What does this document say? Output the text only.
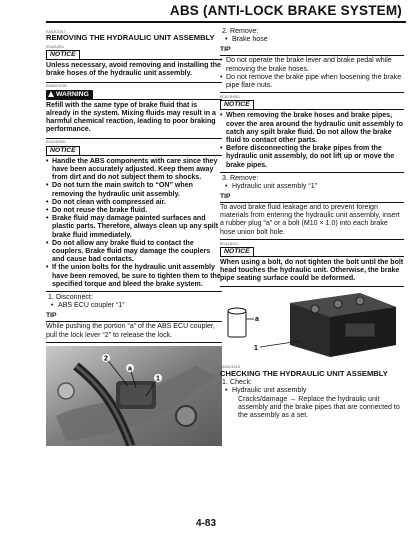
ABS (ANTI-LOCK BRAKE SYSTEM)
EAS3C1017
REMOVING THE HYDRAULIC UNIT ASSEMBLY
ECA2U001
NOTICE
Unless necessary, avoid removing and installing the brake hoses of the hydraulic unit assembly.
EWA3C1030
WARNING
Refill with the same type of brake fluid that is already in the system. Mixing fluids may result in a harmful chemical reaction, leading to poor braking performance.
ECA13H001
NOTICE
• Handle the ABS components with care since they have been accurately adjusted. Keep them away from dirt and do not subject them to shocks.
• Do not turn the main switch to “ON” when removing the hydraulic unit assembly.
• Do not clean with compressed air.
• Do not reuse the brake fluid.
• Brake fluid may damage painted surfaces and plastic parts. Therefore, always clean up any spilt brake fluid immediately.
• Do not allow any brake fluid to contact the couplers. Brake fluid may damage the couplers and cause bad contacts.
• If the union bolts for the hydraulic unit assembly have been removed, be sure to tighten them to the specified torque and bleed the brake system.
1. Disconnect:
• ABS ECU coupler “1”
TIP
While pushing the portion “a” of the ABS ECU coupler, pull the lock lever “2” to release the lock.
2
a
1
2. Remove:
• Brake hose
TIP
• Do not operate the brake lever and brake pedal while removing the brake hoses.
• Do not remove the brake pipe when loosening the brake pipe flare nuts.
ECA13H001
NOTICE
• When removing the brake hoses and brake pipes, cover the area around the hydraulic unit assembly to catch any spilt brake fluid. Do not allow the brake fluid to contact other parts.
• Before disconnecting the brake pipes from the hydraulic unit assembly, do not lift up or move the brake pipes.
3. Remove:
• Hydraulic unit assembly “1”
TIP
To avoid brake fluid leakage and to prevent foreign materials from entering the hydraulic unit assembly, insert a rubber plug “a” or a bolt (M10 × 1.0) into each brake hose union bolt hole.
ECA13H1C
NOTICE
When using a bolt, do not tighten the bolt until the bolt head touches the hydraulic unit. Otherwise, the brake pipe seating surface could be deformed.
a
1
EAS3C1018
CHECKING THE HYDRAULIC UNIT ASSEMBLY
1. Check:
• Hydraulic unit assembly
Cracks/damage → Replace the hydraulic unit assembly and the brake pipes that are connected to the assembly as a set.
4-83
